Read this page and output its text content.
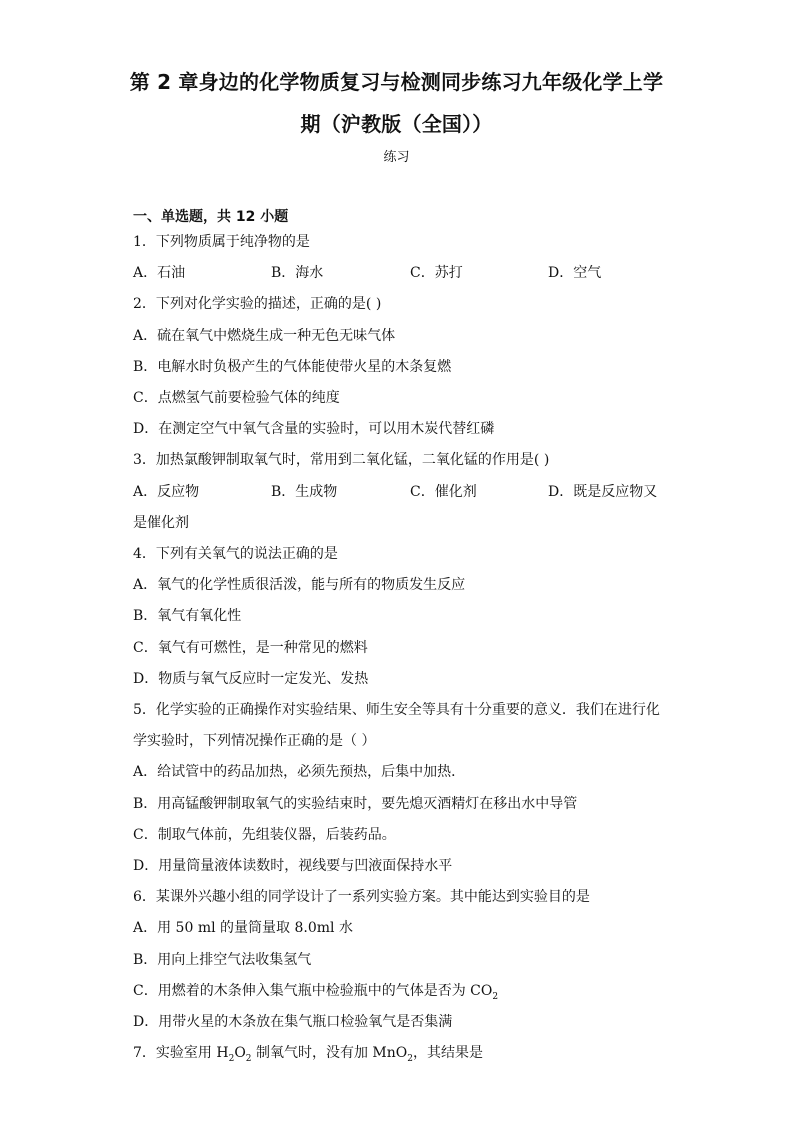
第 2 章身边的化学物质复习与检测同步练习九年级化学上学
期（沪教版（全国））
练习
一、单选题，共 12 小题
1．下列物质属于纯净物的是
A．石油	B．海水	C．苏打	D．空气
2．下列对化学实验的描述，正确的是( )
A．硫在氧气中燃烧生成一种无色无味气体
B．电解水时负极产生的气体能使带火星的木条复燃
C．点燃氢气前要检验气体的纯度
D．在测定空气中氧气含量的实验时，可以用木炭代替红磷
3．加热氯酸钾制取氧气时，常用到二氧化锰，二氧化锰的作用是( )
A．反应物	B．生成物	C．催化剂	D．既是反应物又
是催化剂
4．下列有关氧气的说法正确的是
A．氧气的化学性质很活泼，能与所有的物质发生反应
B．氧气有氧化性
C．氧气有可燃性，是一种常见的燃料
D．物质与氧气反应时一定发光、发热
5．化学实验的正确操作对实验结果、师生安全等具有十分重要的意义．我们在进行化
学实验时，下列情况操作正确的是（ ）
A．给试管中的药品加热，必须先预热，后集中加热．
B．用高锰酸钾制取氧气的实验结束时，要先熄灭酒精灯在移出水中导管
C．制取气体前，先组装仪器，后装药品。
D．用量筒量液体读数时，视线要与凹液面保持水平
6．某课外兴趣小组的同学设计了一系列实验方案。其中能达到实验目的是
A．用 50 ml 的量筒量取 8.0ml 水
B．用向上排空气法收集氢气
C．用燃着的木条伸入集气瓶中检验瓶中的气体是否为 $CO_2$
D．用带火星的木条放在集气瓶口检验氧气是否集满
7．实验室用 $H_2O_2$ 制氧气时，没有加 MnO$_2$，其结果是
